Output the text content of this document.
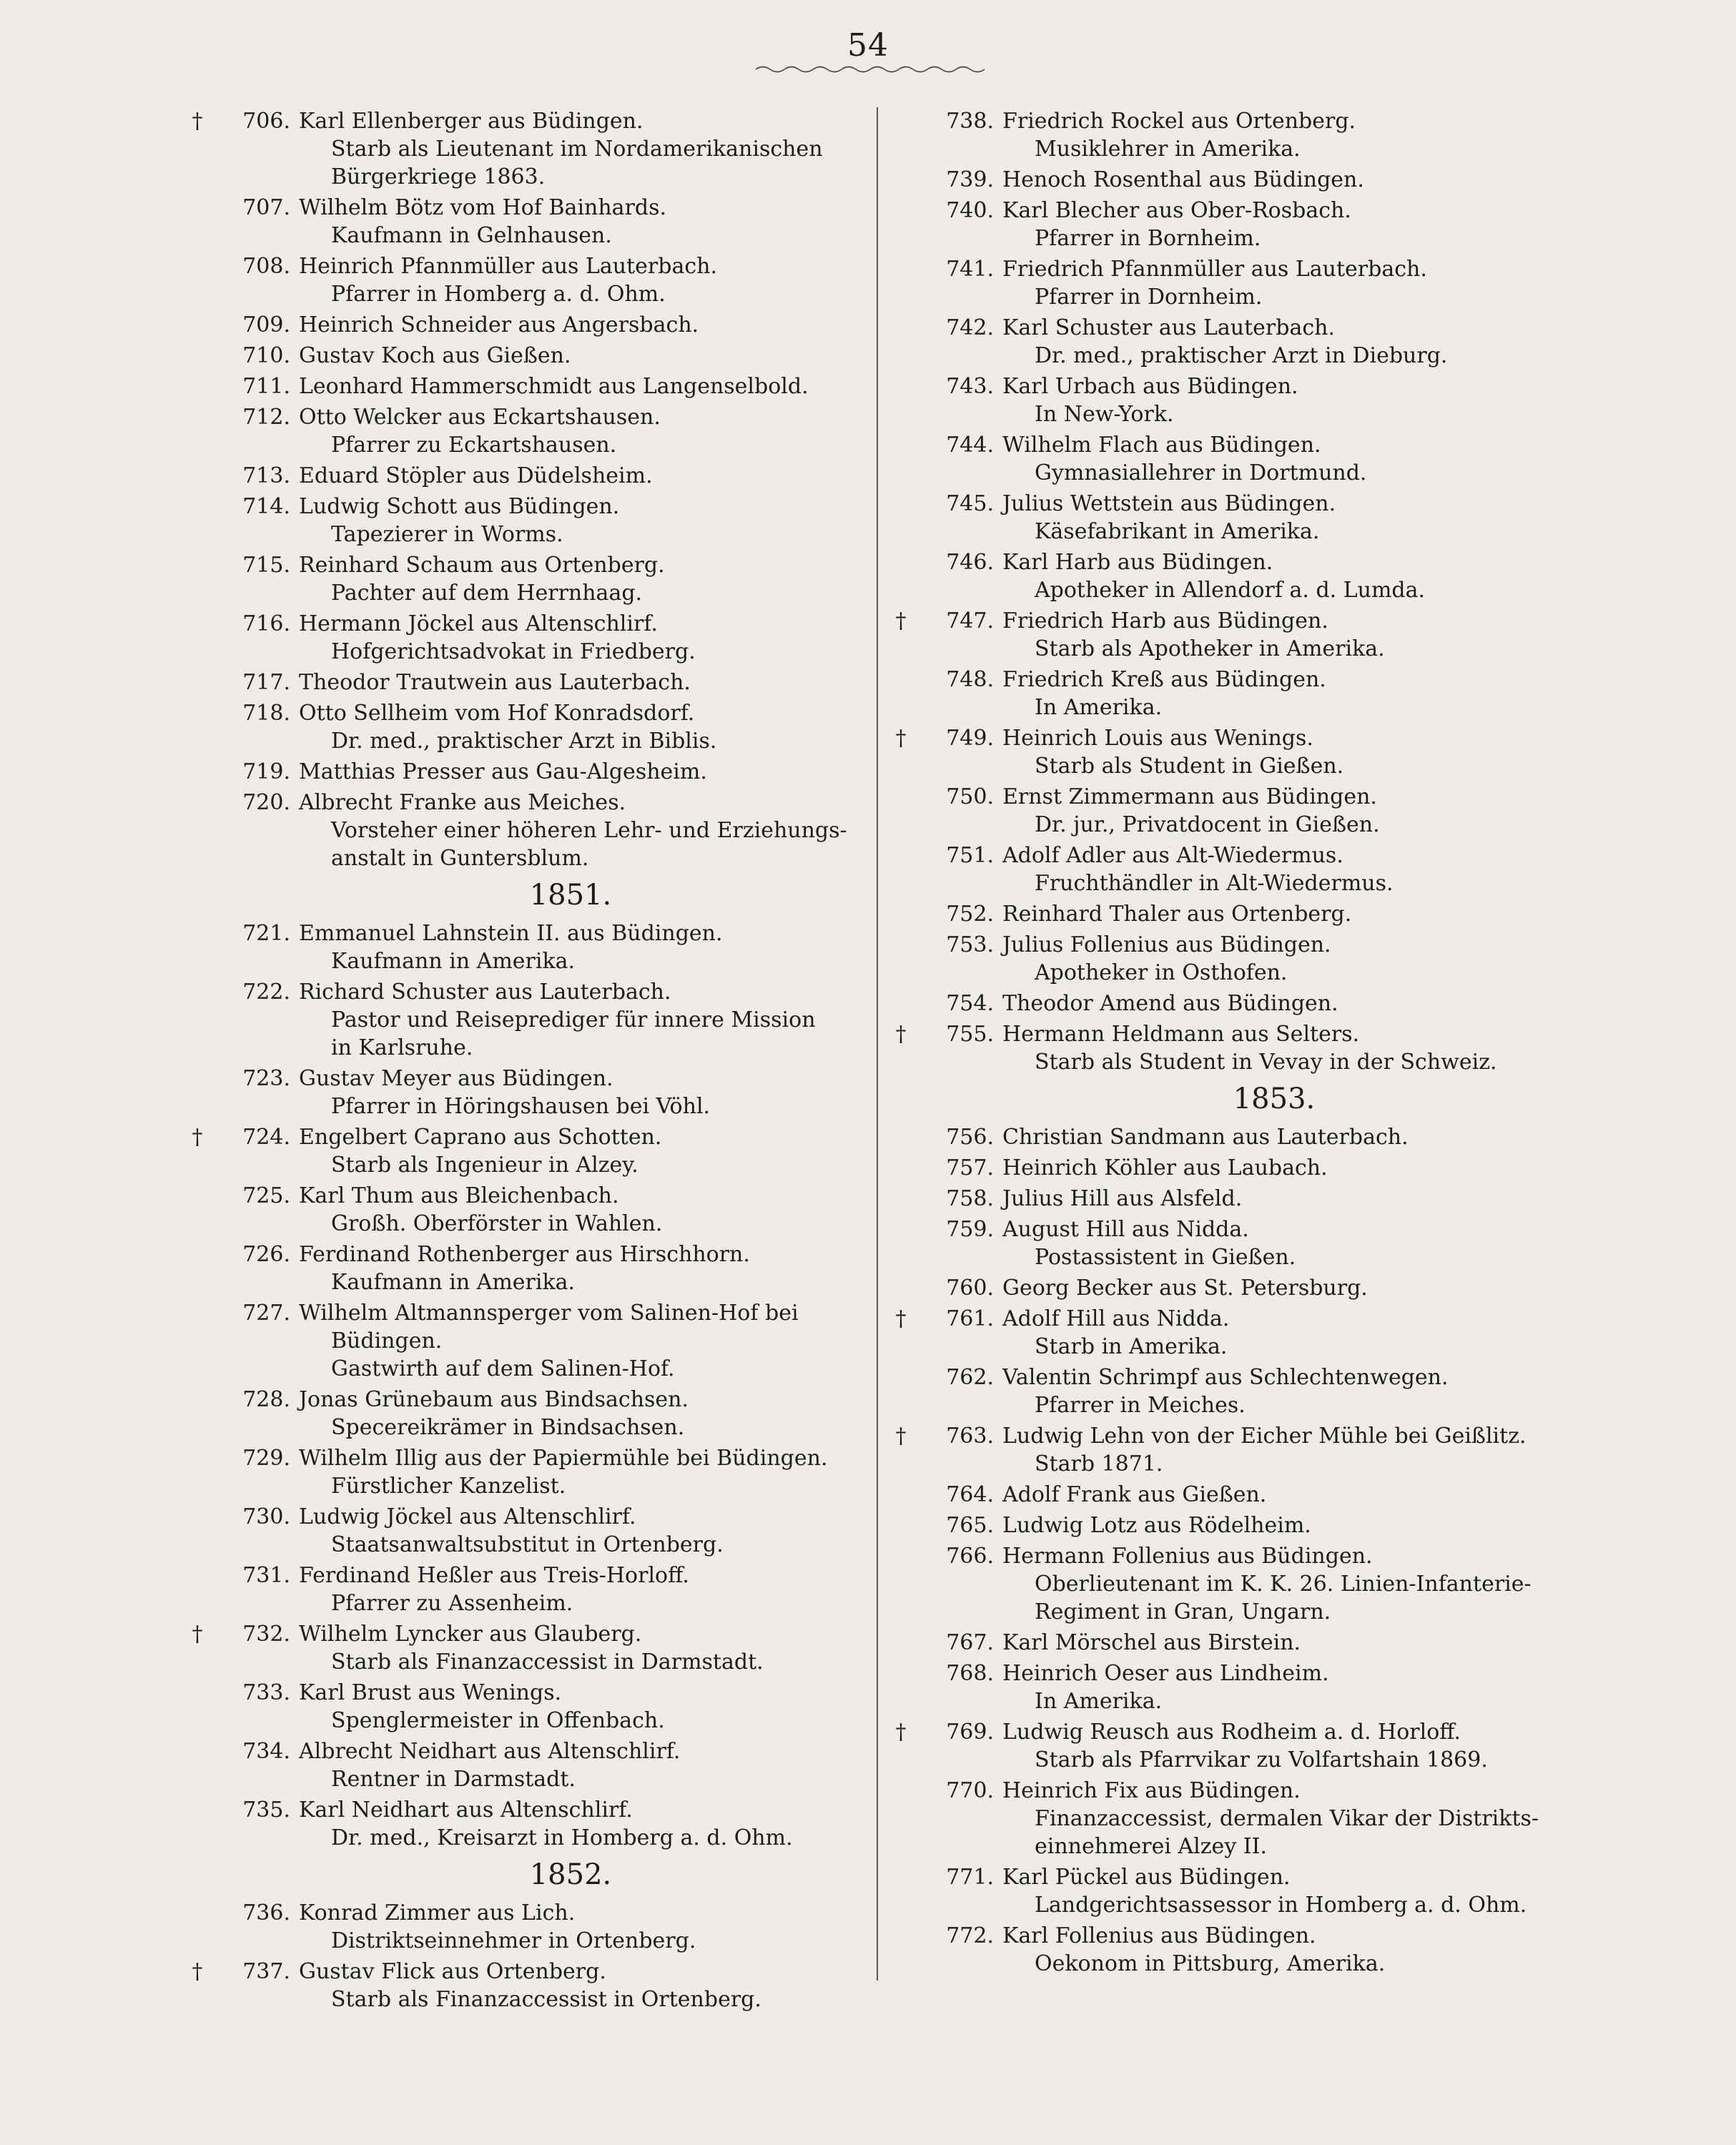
54
†	706. Karl Ellenberger aus Büdingen.
Starb als Lieutenant im Nordamerikanischen
Bürgerkriege 1863.
707. Wilhelm Bötz vom Hof Bainhards.
Kaufmann in Gelnhausen.
708. Heinrich Pfannmüller aus Lauterbach.
Pfarrer in Homberg a. d. Ohm.
709. Heinrich Schneider aus Angersbach.
710. Gustav Koch aus Gießen.
711. Leonhard Hammerschmidt aus Langenselbold.
712. Otto Welcker aus Eckartshausen.
Pfarrer zu Eckartshausen.
713. Eduard Stöpler aus Düdelsheim.
714. Ludwig Schott aus Büdingen.
Tapezierer in Worms.
715. Reinhard Schaum aus Ortenberg.
Pachter auf dem Herrnhaag.
716. Hermann Jöckel aus Altenschlirf.
Hofgerichtsadvokat in Friedberg.
717. Theodor Trautwein aus Lauterbach.
718. Otto Sellheim vom Hof Konradsdorf.
Dr. med., praktischer Arzt in Biblis.
719. Matthias Presser aus Gau-Algesheim.
720. Albrecht Franke aus Meiches.
Vorsteher einer höheren Lehr- und Erziehungs-
anstalt in Guntersblum.
1851.
721. Emmanuel Lahnstein II. aus Büdingen.
Kaufmann in Amerika.
722. Richard Schuster aus Lauterbach.
Pastor und Reiseprediger für innere Mission
in Karlsruhe.
723. Gustav Meyer aus Büdingen.
Pfarrer in Höringshausen bei Vöhl.
†	724. Engelbert Caprano aus Schotten.
Starb als Ingenieur in Alzey.
725. Karl Thum aus Bleichenbach.
Großh. Oberförster in Wahlen.
726. Ferdinand Rothenberger aus Hirschhorn.
Kaufmann in Amerika.
727. Wilhelm Altmannsperger vom Salinen-Hof bei
Büdingen.
Gastwirth auf dem Salinen-Hof.
728. Jonas Grünebaum aus Bindsachsen.
Specereikrämer in Bindsachsen.
729. Wilhelm Illig aus der Papiermühle bei Büdingen.
Fürstlicher Kanzelist.
730. Ludwig Jöckel aus Altenschlirf.
Staatsanwaltsubstitut in Ortenberg.
731. Ferdinand Heßler aus Treis-Horloff.
Pfarrer zu Assenheim.
†	732. Wilhelm Lyncker aus Glauberg.
Starb als Finanzaccessist in Darmstadt.
733. Karl Brust aus Wenings.
Spenglermeister in Offenbach.
734. Albrecht Neidhart aus Altenschlirf.
Rentner in Darmstadt.
735. Karl Neidhart aus Altenschlirf.
Dr. med., Kreisarzt in Homberg a. d. Ohm.
1852.
736. Konrad Zimmer aus Lich.
Distriktseinnehmer in Ortenberg.
†	737. Gustav Flick aus Ortenberg.
Starb als Finanzaccessist in Ortenberg.
738. Friedrich Rockel aus Ortenberg.
Musiklehrer in Amerika.
739. Henoch Rosenthal aus Büdingen.
740. Karl Blecher aus Ober-Rosbach.
Pfarrer in Bornheim.
741. Friedrich Pfannmüller aus Lauterbach.
Pfarrer in Dornheim.
742. Karl Schuster aus Lauterbach.
Dr. med., praktischer Arzt in Dieburg.
743. Karl Urbach aus Büdingen.
In New-York.
744. Wilhelm Flach aus Büdingen.
Gymnasiallehrer in Dortmund.
745. Julius Wettstein aus Büdingen.
Käsefabrikant in Amerika.
746. Karl Harb aus Büdingen.
Apotheker in Allendorf a. d. Lumda.
†	747. Friedrich Harb aus Büdingen.
Starb als Apotheker in Amerika.
748. Friedrich Kreß aus Büdingen.
In Amerika.
†	749. Heinrich Louis aus Wenings.
Starb als Student in Gießen.
750. Ernst Zimmermann aus Büdingen.
Dr. jur., Privatdocent in Gießen.
751. Adolf Adler aus Alt-Wiedermus.
Fruchthändler in Alt-Wiedermus.
752. Reinhard Thaler aus Ortenberg.
753. Julius Follenius aus Büdingen.
Apotheker in Osthofen.
754. Theodor Amend aus Büdingen.
†	755. Hermann Heldmann aus Selters.
Starb als Student in Vevay in der Schweiz.
1853.
756. Christian Sandmann aus Lauterbach.
757. Heinrich Köhler aus Laubach.
758. Julius Hill aus Alsfeld.
759. August Hill aus Nidda.
Postassistent in Gießen.
760. Georg Becker aus St. Petersburg.
†	761. Adolf Hill aus Nidda.
Starb in Amerika.
762. Valentin Schrimpf aus Schlechtenwegen.
Pfarrer in Meiches.
†	763. Ludwig Lehn von der Eicher Mühle bei Geißlitz.
Starb 1871.
764. Adolf Frank aus Gießen.
765. Ludwig Lotz aus Rödelheim.
766. Hermann Follenius aus Büdingen.
Oberlieutenant im K. K. 26. Linien-Infanterie-
Regiment in Gran, Ungarn.
767. Karl Mörschel aus Birstein.
768. Heinrich Oeser aus Lindheim.
In Amerika.
†	769. Ludwig Reusch aus Rodheim a. d. Horloff.
Starb als Pfarrvikar zu Volfartshain 1869.
770. Heinrich Fix aus Büdingen.
Finanzaccessist, dermalen Vikar der Distrikts-
einnehmerei Alzey II.
771. Karl Pückel aus Büdingen.
Landgerichtsassessor in Homberg a. d. Ohm.
772. Karl Follenius aus Büdingen.
Oekonom in Pittsburg, Amerika.
